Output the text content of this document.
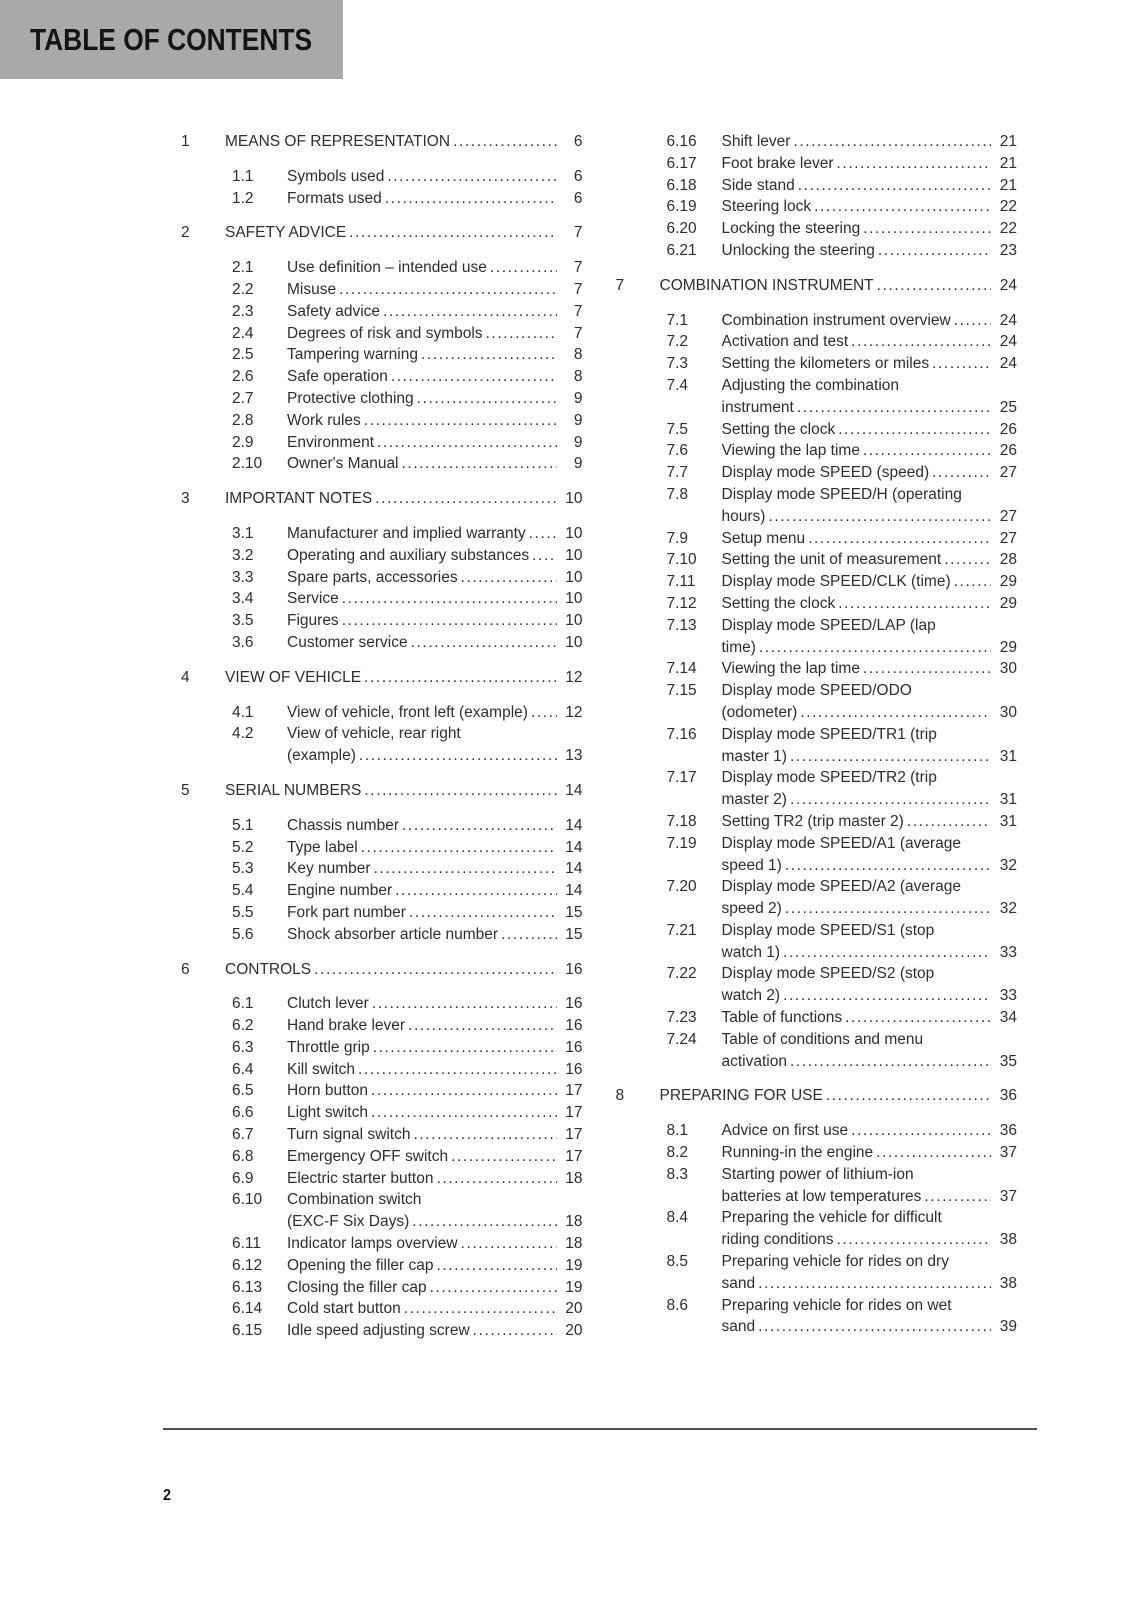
TABLE OF CONTENTS
1	MEANS OF REPRESENTATION .....	6
1.1	Symbols used .....	6
1.2	Formats used .....	6
2	SAFETY ADVICE .....	7
2.1	Use definition – intended use .....	7
2.2	Misuse .....	7
2.3	Safety advice .....	7
2.4	Degrees of risk and symbols .....	7
2.5	Tampering warning .....	8
2.6	Safe operation .....	8
2.7	Protective clothing .....	9
2.8	Work rules .....	9
2.9	Environment .....	9
2.10	Owner's Manual .....	9
3	IMPORTANT NOTES .....	10
3.1	Manufacturer and implied warranty .....	10
3.2	Operating and auxiliary substances .....	10
3.3	Spare parts, accessories .....	10
3.4	Service .....	10
3.5	Figures .....	10
3.6	Customer service .....	10
4	VIEW OF VEHICLE .....	12
4.1	View of vehicle, front left (example) .....	12
4.2	View of vehicle, rear right
(example) .....	13
5	SERIAL NUMBERS .....	14
5.1	Chassis number .....	14
5.2	Type label .....	14
5.3	Key number .....	14
5.4	Engine number .....	14
5.5	Fork part number .....	15
5.6	Shock absorber article number .....	15
6	CONTROLS .....	16
6.1	Clutch lever .....	16
6.2	Hand brake lever .....	16
6.3	Throttle grip .....	16
6.4	Kill switch .....	16
6.5	Horn button .....	17
6.6	Light switch .....	17
6.7	Turn signal switch .....	17
6.8	Emergency OFF switch .....	17
6.9	Electric starter button .....	18
6.10	Combination switch
(EXC-F Six Days) .....	18
6.11	Indicator lamps overview .....	18
6.12	Opening the filler cap .....	19
6.13	Closing the filler cap .....	19
6.14	Cold start button .....	20
6.15	Idle speed adjusting screw .....	20
6.16	Shift lever .....	21
6.17	Foot brake lever .....	21
6.18	Side stand .....	21
6.19	Steering lock .....	22
6.20	Locking the steering .....	22
6.21	Unlocking the steering .....	23
7	COMBINATION INSTRUMENT .....	24
7.1	Combination instrument overview .....	24
7.2	Activation and test .....	24
7.3	Setting the kilometers or miles .....	24
7.4	Adjusting the combination
instrument .....	25
7.5	Setting the clock .....	26
7.6	Viewing the lap time .....	26
7.7	Display mode SPEED (speed) .....	27
7.8	Display mode SPEED/H (operating
hours) .....	27
7.9	Setup menu .....	27
7.10	Setting the unit of measurement .....	28
7.11	Display mode SPEED/CLK (time) .....	29
7.12	Setting the clock .....	29
7.13	Display mode SPEED/LAP (lap
time) .....	29
7.14	Viewing the lap time .....	30
7.15	Display mode SPEED/ODO
(odometer) .....	30
7.16	Display mode SPEED/TR1 (trip
master 1) .....	31
7.17	Display mode SPEED/TR2 (trip
master 2) .....	31
7.18	Setting TR2 (trip master 2) .....	31
7.19	Display mode SPEED/A1 (average
speed 1) .....	32
7.20	Display mode SPEED/A2 (average
speed 2) .....	32
7.21	Display mode SPEED/S1 (stop
watch 1) .....	33
7.22	Display mode SPEED/S2 (stop
watch 2) .....	33
7.23	Table of functions .....	34
7.24	Table of conditions and menu
activation .....	35
8	PREPARING FOR USE .....	36
8.1	Advice on first use .....	36
8.2	Running-in the engine .....	37
8.3	Starting power of lithium-ion
batteries at low temperatures .....	37
8.4	Preparing the vehicle for difficult
riding conditions .....	38
8.5	Preparing vehicle for rides on dry
sand .....	38
8.6	Preparing vehicle for rides on wet
sand .....	39
2
